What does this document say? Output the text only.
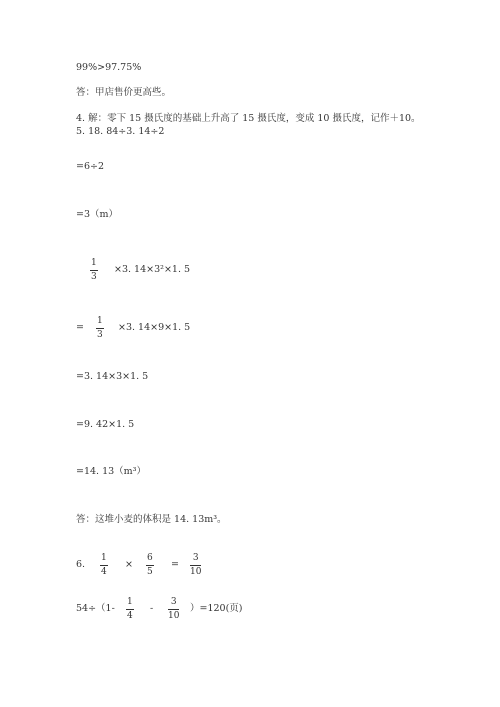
99%>97.75%
答：甲店售价更高些。
4. 解：零下 15 摄氏度的基础上升高了 15 摄氏度，变成 10 摄氏度，记作＋10。
5. 18. 84÷3. 14÷2
=6÷2
=3（m）
1
3
×3. 14×3²×1. 5
=
1
3
×3. 14×9×1. 5
=3. 14×3×1. 5
=9. 42×1. 5
=14. 13（m³）
答：这堆小麦的体积是 14. 13m³。
6.
1
4
×
6
5
=
3
10
54÷（1-
1
4
-
3
10
）=120(页)
